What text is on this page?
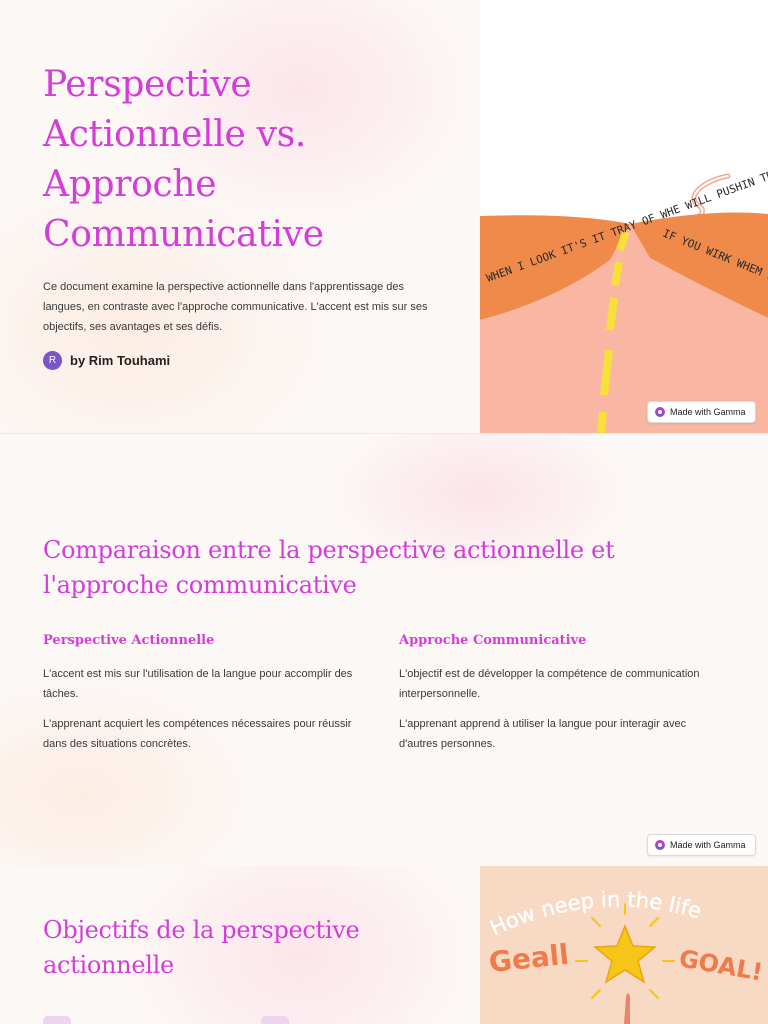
Perspective Actionnelle vs. Approche Communicative

Ce document examine la perspective actionnelle dans l'apprentissage des langues, en contraste avec l'approche communicative. L'accent est mis sur ses objectifs, ses avantages et ses défis.

R	by Rim Touhami
Made with Gamma
Comparaison entre la perspective actionnelle et l'approche communicative
Perspective Actionnelle

L'accent est mis sur l'utilisation de la langue pour accomplir des tâches.

L'apprenant acquiert les compétences nécessaires pour réussir dans des situations concrètes.

Approche Communicative

L'objectif est de développer la compétence de communication interpersonnelle.

L'apprenant apprend à utiliser la langue pour interagir avec d'autres personnes.

Made with Gamma
Objectifs de la perspective actionnelle
How neep in the life
Geall	GOAL!
